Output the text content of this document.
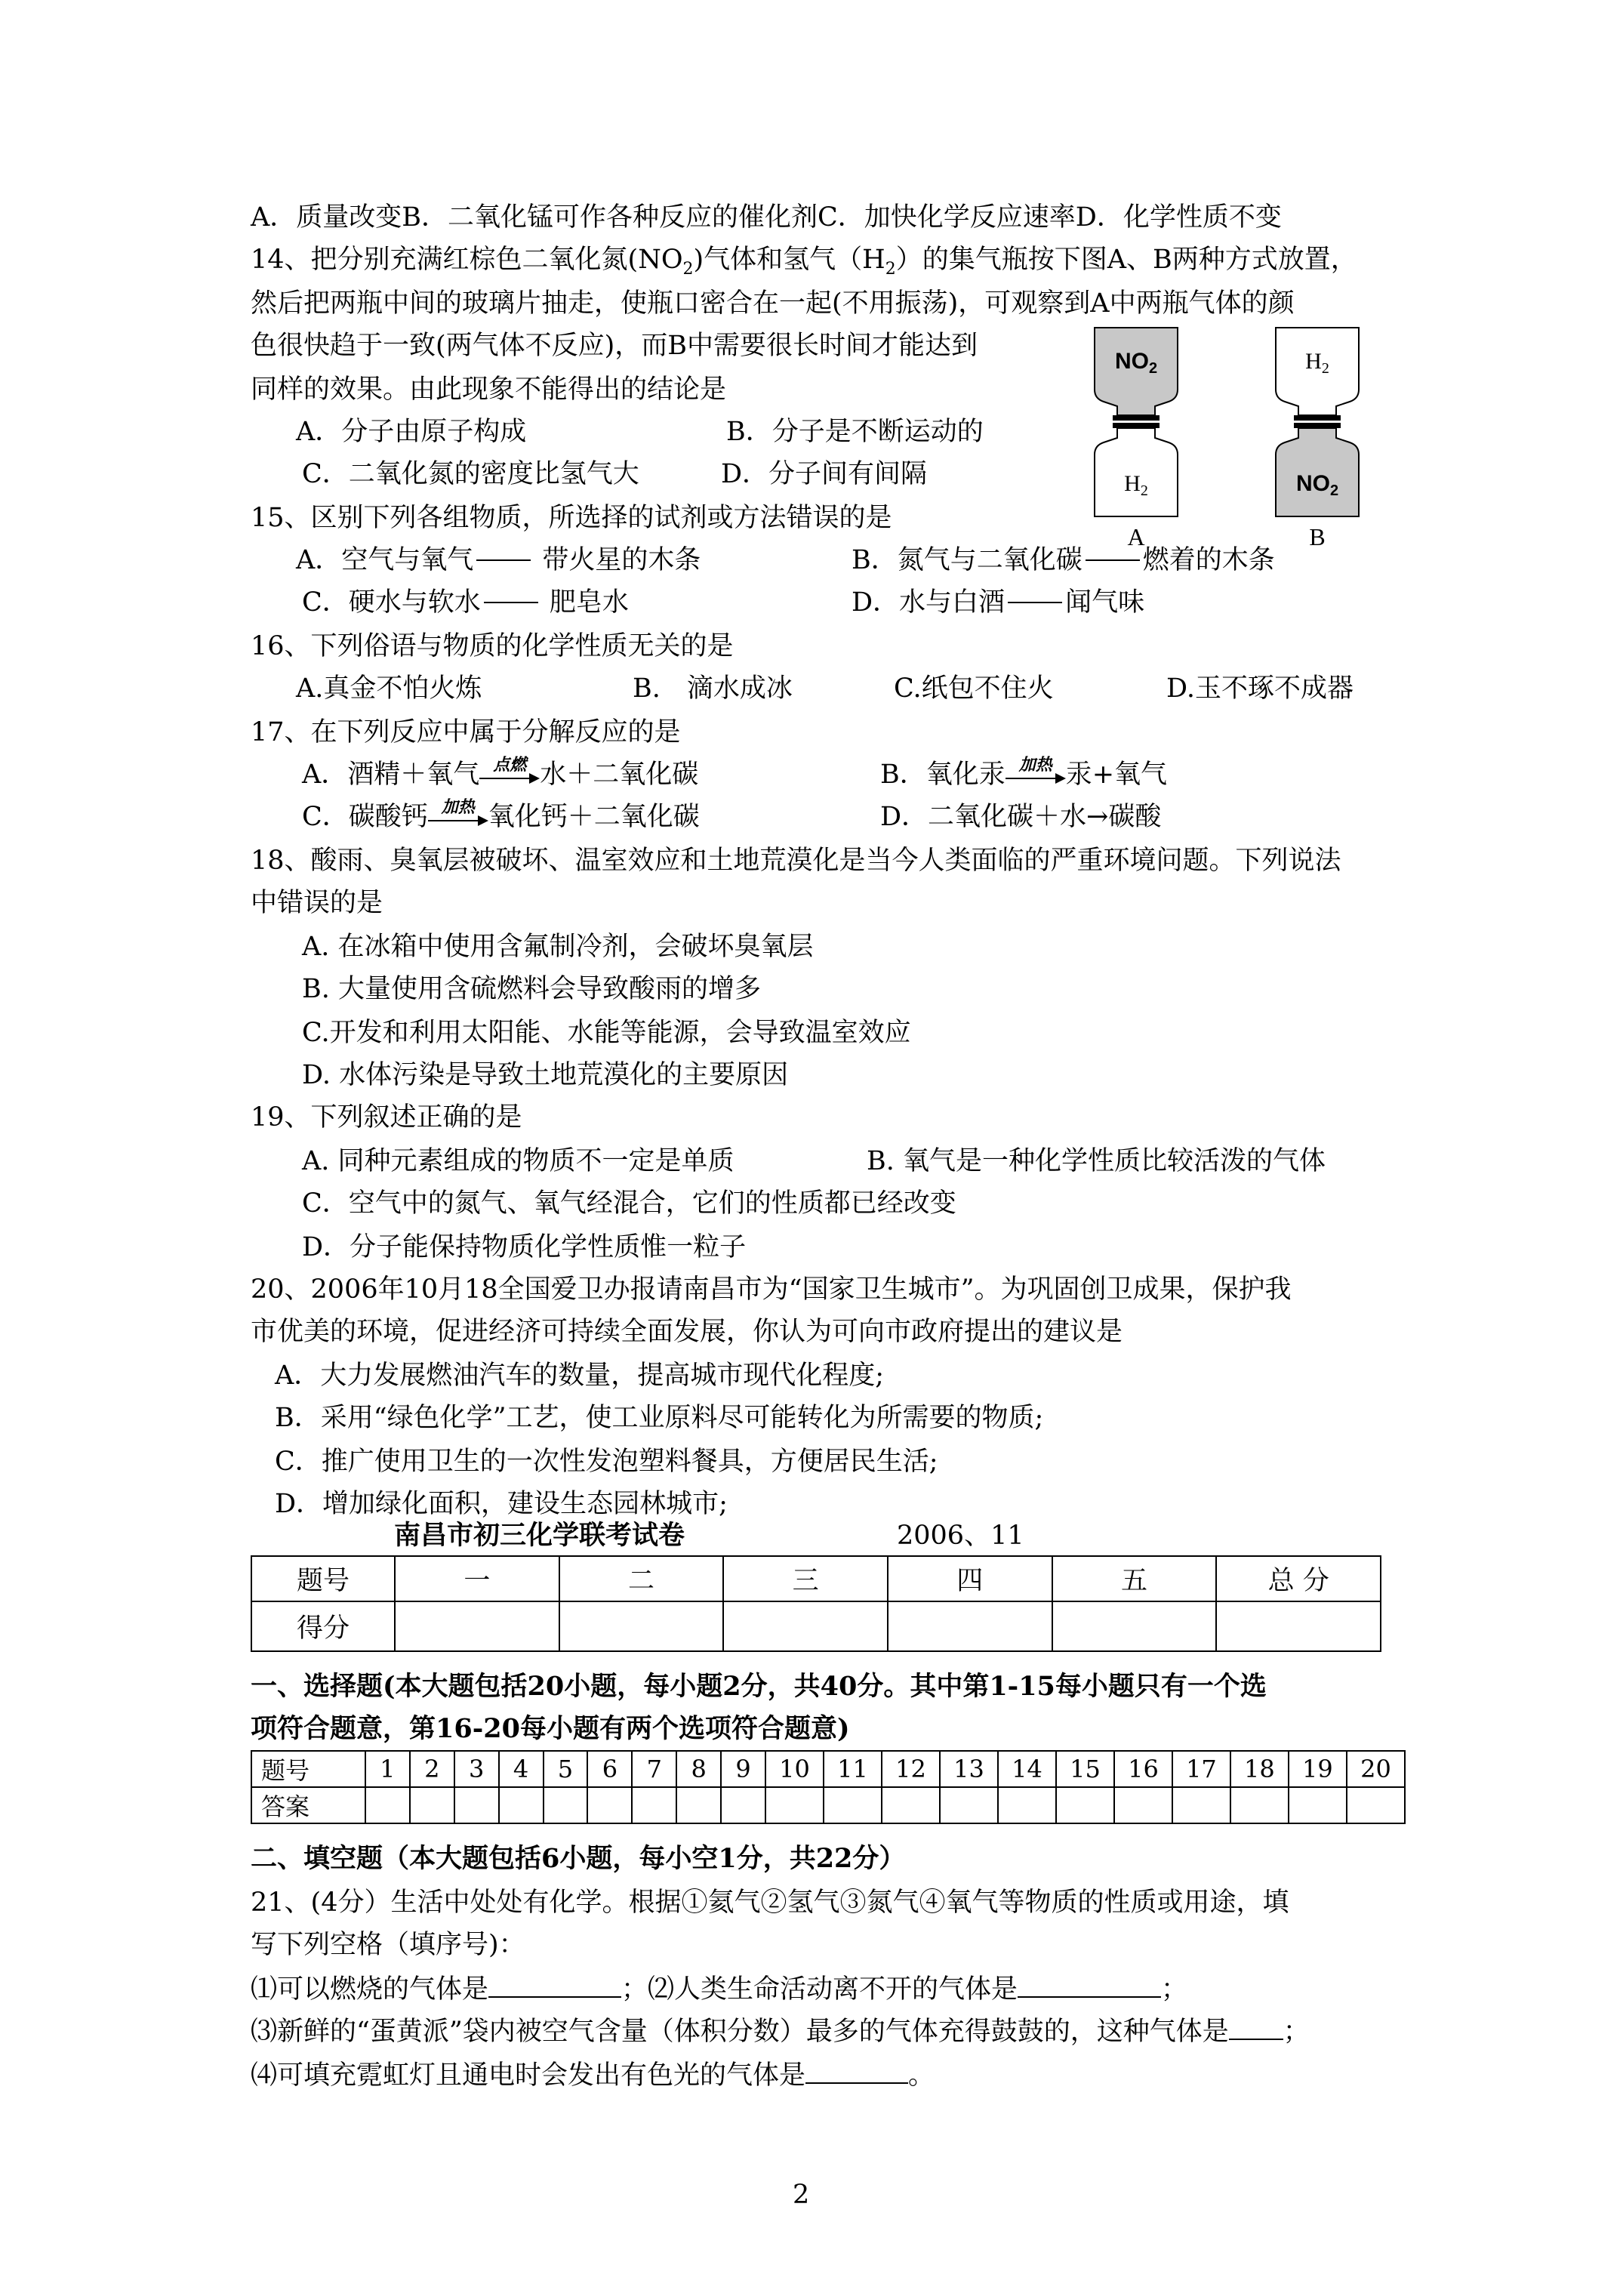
A．质量改变B．二氧化锰可作各种反应的催化剂C．加快化学反应速率D．化学性质不变
14、把分别充满红棕色二氧化氮$(NO_2)$气体和氢气$(H_2)$的集气瓶按下图A、B两种方式放置，
然后把两瓶中间的玻璃片抽走，使瓶口密合在一起(不用振荡)，可观察到A中两瓶气体的颜
色很快趋于一致(两气体不反应)，而B中需要很长时间才能达到
同样的效果。由此现象不能得出的结论是
A．分子由原子构成	B．分子是不断运动的
C．二氧化氮的密度比氢气大	D．分子间有间隔
$NO_2$
$H_2$
A
$H_2$
$NO_2$
B
15、区别下列各组物质，所选择的试剂或方法错误的是
A．空气与氧气 带火星的木条	B．氮气与二氧化碳 燃着的木条
C．硬水与软水 肥皂水	D．水与白酒 闻气味
16、下列俗语与物质的化学性质无关的是
A.真金不怕火炼	B.　滴水成冰	C.纸包不住火	D.玉不琢不成器
17、在下列反应中属于分解反应的是
A．酒精＋氧气 点燃 水＋二氧化碳	B．氧化汞 加热 汞+氧气
C．碳酸钙 加热 氧化钙＋二氧化碳	D．二氧化碳＋水→碳酸
18、酸雨、臭氧层被破坏、温室效应和土地荒漠化是当今人类面临的严重环境问题。下列说法
中错误的是
A. 在冰箱中使用含氟制冷剂，会破坏臭氧层
B. 大量使用含硫燃料会导致酸雨的增多
C.开发和利用太阳能、水能等能源，会导致温室效应
D. 水体污染是导致土地荒漠化的主要原因
19、下列叙述正确的是
A. 同种元素组成的物质不一定是单质	B. 氧气是一种化学性质比较活泼的气体
C．空气中的氮气、氧气经混合，它们的性质都已经改变
D．分子能保持物质化学性质惟一粒子
20、2006年10月18全国爱卫办报请南昌市为“国家卫生城市”。为巩固创卫成果，保护我
市优美的环境，促进经济可持续全面发展，你认为可向市政府提出的建议是
A．大力发展燃油汽车的数量，提高城市现代化程度;
B．采用“绿色化学”工艺，使工业原料尽可能转化为所需要的物质;
C．推广使用卫生的一次性发泡塑料餐具，方便居民生活;
D．增加绿化面积，建设生态园林城市;
南昌市初三化学联考试卷	2006、11
题号	一	二	三	四	五	总 分
得分						
一、选择题(本大题包括20小题，每小题2分，共40分。其中第1-15每小题只有一个选
项符合题意，第16-20每小题有两个选项符合题意)
题号	1	2	3	4	5	6	7	8	9	10	11	12	13	14	15	16	17	18	19	20
答案																				
二、填空题（本大题包括6小题，每小空1分，共22分）
21、(4分）生活中处处有化学。根据①氦气②氢气③氮气④氧气等物质的性质或用途，填
写下列空格（填序号)：
⑴可以燃烧的气体是	；⑵人类生命活动离不开的气体是	；
⑶新鲜的“蛋黄派”袋内被空气含量（体积分数）最多的气体充得鼓鼓的，这种气体是 ；
⑷可填充霓虹灯且通电时会发出有色光的气体是	。
2
